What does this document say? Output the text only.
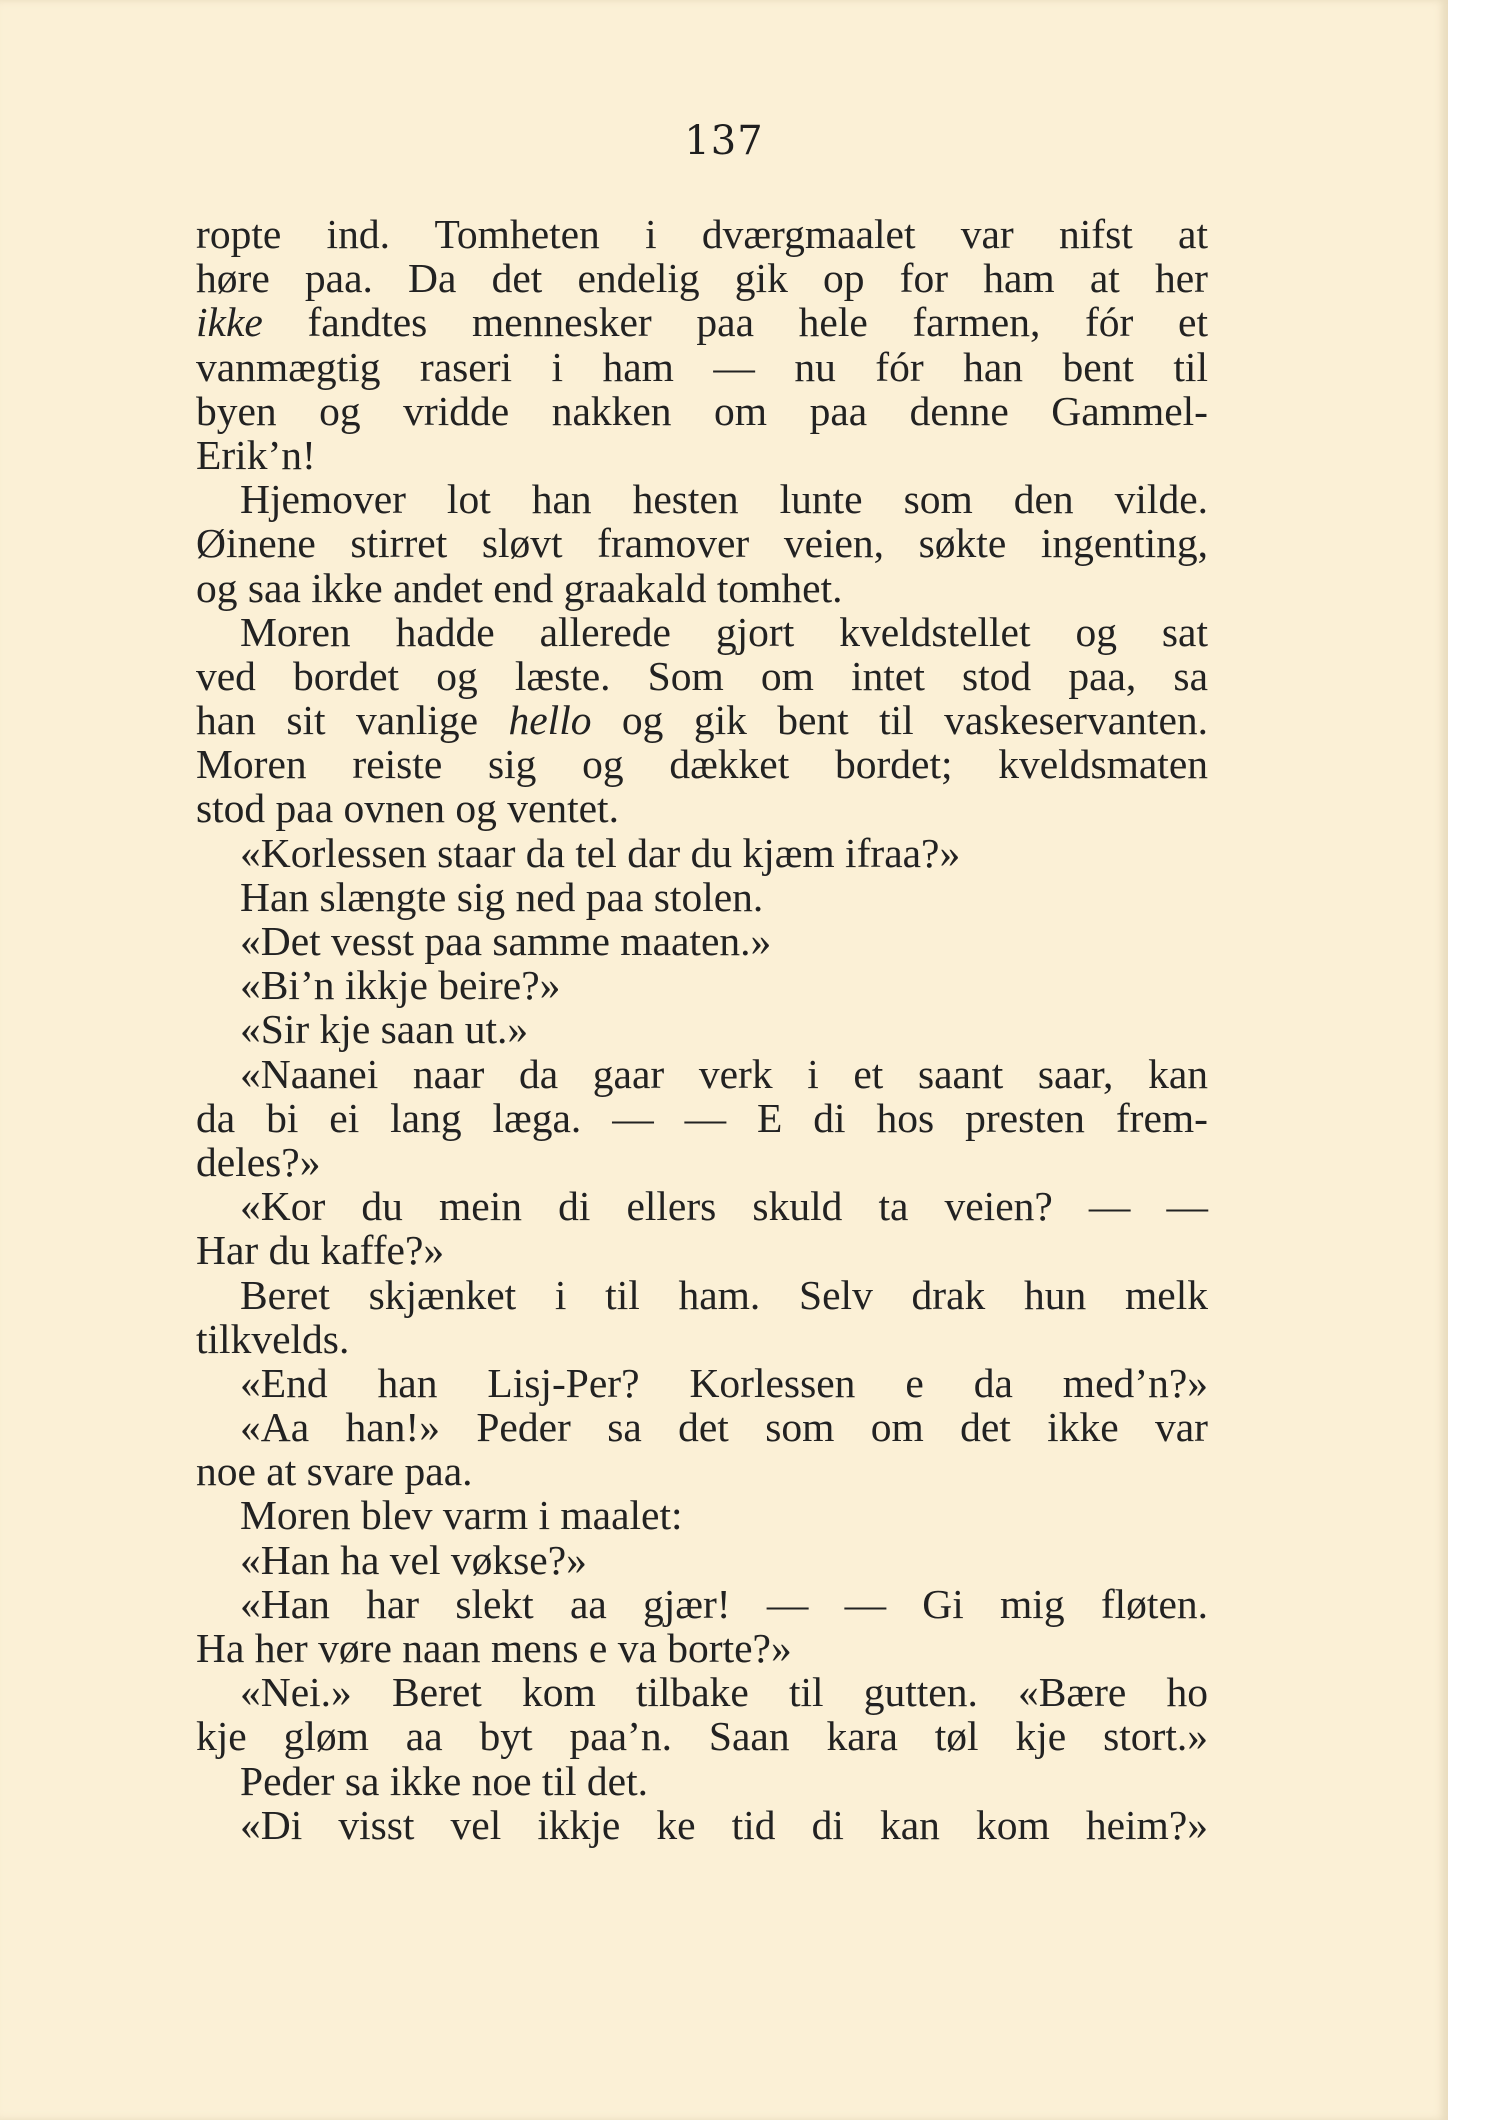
137
ropte ind. Tomheten i dværgmaalet var nifst at
høre paa. Da det endelig gik op for ham at her
ikke fandtes mennesker paa hele farmen, fór et
vanmægtig raseri i ham — nu fór han bent til
byen og vridde nakken om paa denne Gammel-
Erik’n!
Hjemover lot han hesten lunte som den vilde.
Øinene stirret sløvt framover veien, søkte ingenting,
og saa ikke andet end graakald tomhet.
Moren hadde allerede gjort kveldstellet og sat
ved bordet og læste. Som om intet stod paa, sa
han sit vanlige hello og gik bent til vaskeservanten.
Moren reiste sig og dækket bordet; kveldsmaten
stod paa ovnen og ventet.
«Korlessen staar da tel dar du kjæm ifraa?»
Han slængte sig ned paa stolen.
«Det vesst paa samme maaten.»
«Bi’n ikkje beire?»
«Sir kje saan ut.»
«Naanei naar da gaar verk i et saant saar, kan
da bi ei lang læga. — — E di hos presten frem-
deles?»
«Kor du mein di ellers skuld ta veien? — —
Har du kaffe?»
Beret skjænket i til ham. Selv drak hun melk
tilkvelds.
«End han Lisj-Per? Korlessen e da med’n?»
«Aa han!» Peder sa det som om det ikke var
noe at svare paa.
Moren blev varm i maalet:
«Han ha vel vøkse?»
«Han har slekt aa gjær! — — Gi mig fløten.
Ha her vøre naan mens e va borte?»
«Nei.» Beret kom tilbake til gutten. «Bære ho
kje gløm aa byt paa’n. Saan kara tøl kje stort.»
Peder sa ikke noe til det.
«Di visst vel ikkje ke tid di kan kom heim?»
